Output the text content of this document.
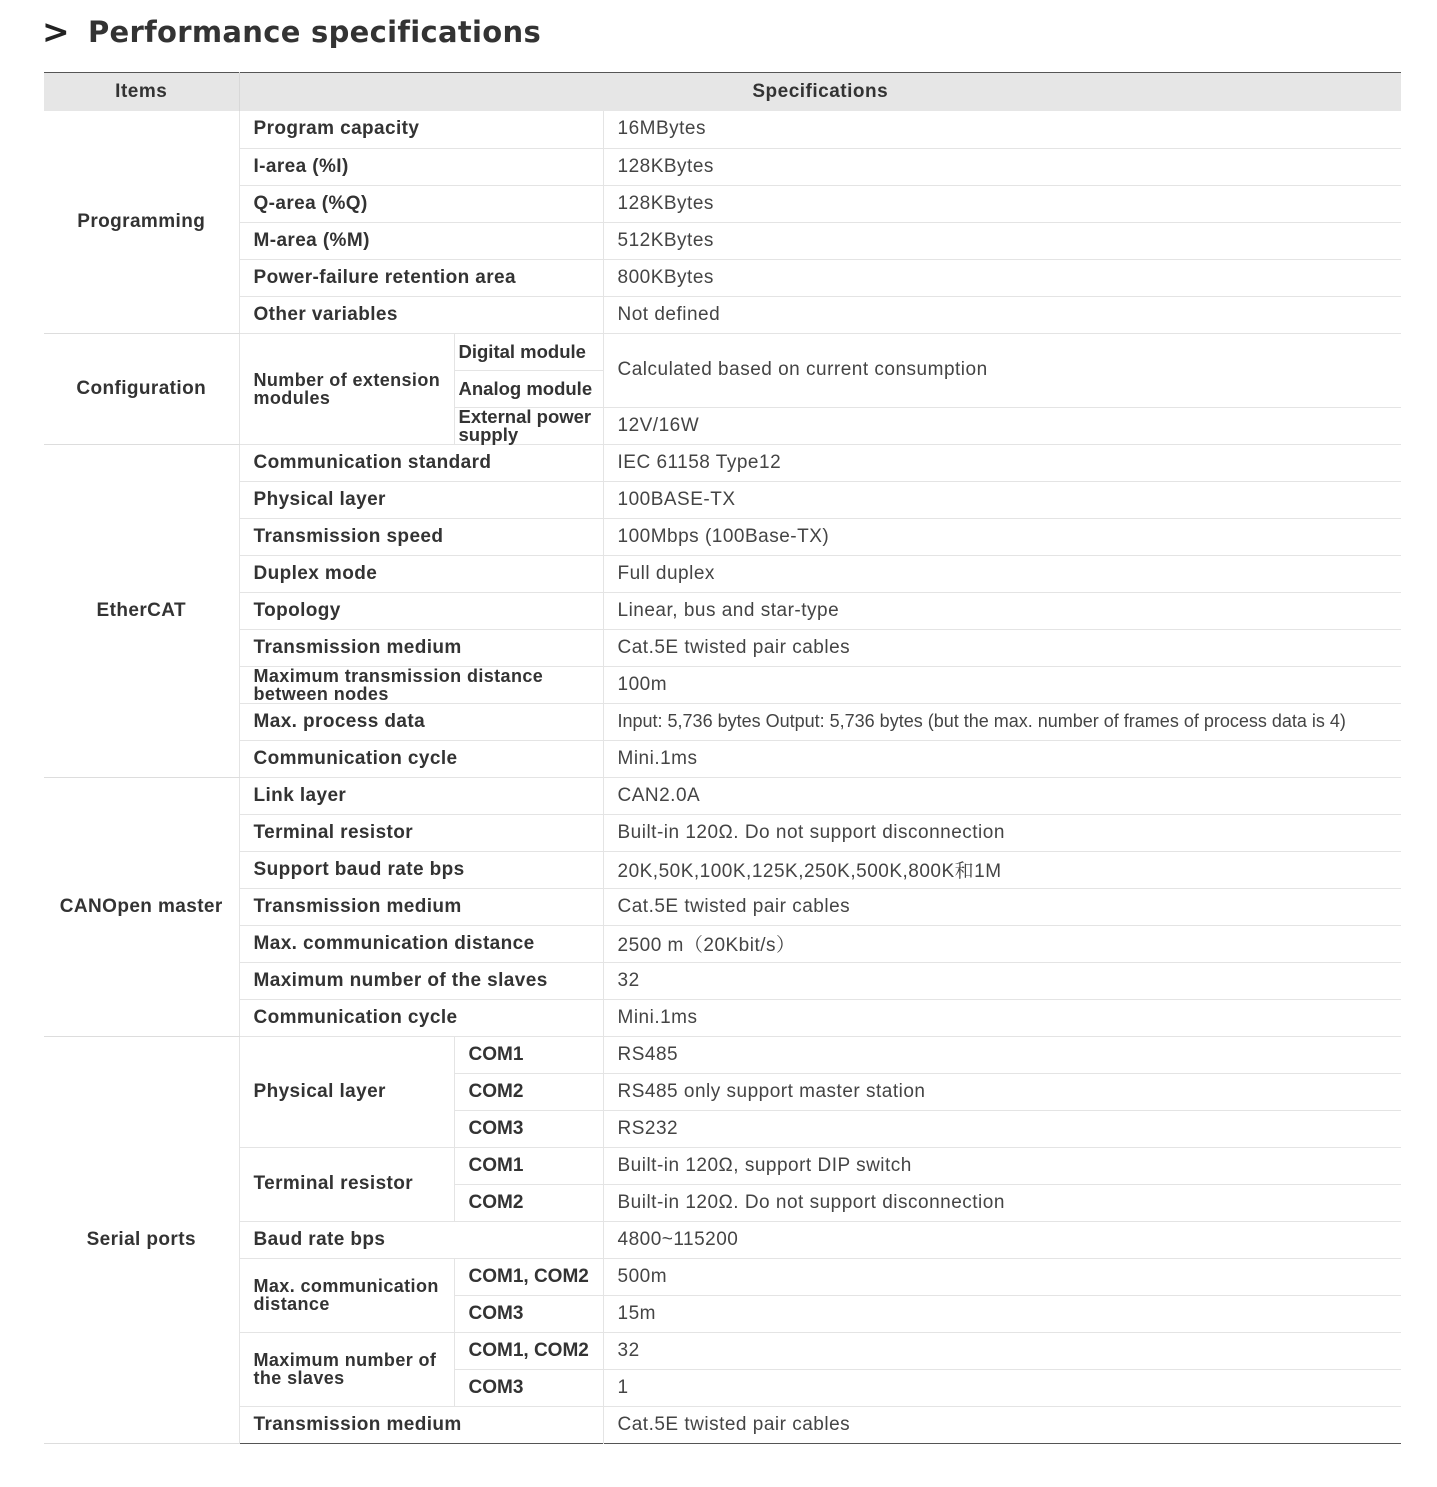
> Performance specifications
Items	Specifications		
Programming	Program capacity		16MBytes
	I-area (%I)		128KBytes
	Q-area (%Q)		128KBytes
	M-area (%M)		512KBytes
	Power-failure retention area		800KBytes
	Other variables		Not defined
Configuration	Number of extension modules	Digital module	Calculated based on current consumption
		Analog module	
		External power supply	12V/16W
EtherCAT	Communication standard		IEC 61158 Type12
	Physical layer		100BASE-TX
	Transmission speed		100Mbps (100Base-TX)
	Duplex mode		Full duplex
	Topology		Linear, bus and star-type
	Transmission medium		Cat.5E twisted pair cables
	Maximum transmission distance between nodes		100m
	Max. process data		Input: 5,736 bytes Output: 5,736 bytes (but the max. number of frames of process data is 4)
	Communication cycle		Mini.1ms
CANOpen master	Link layer		CAN2.0A
	Terminal resistor		Built-in 120Ω. Do not support disconnection
	Support baud rate bps		20K,50K,100K,125K,250K,500K,800K和1M
	Transmission medium		Cat.5E twisted pair cables
	Max. communication distance		2500 m（20Kbit/s）
	Maximum number of the slaves		32
	Communication cycle		Mini.1ms
Serial ports	Physical layer	COM1	RS485
		COM2	RS485 only support master station
		COM3	RS232
	Terminal resistor	COM1	Built-in 120Ω, support DIP switch
		COM2	Built-in 120Ω. Do not support disconnection
	Baud rate bps		4800~115200
	Max. communication distance	COM1, COM2	500m
		COM3	15m
	Maximum number of the slaves	COM1, COM2	32
		COM3	1
	Transmission medium		Cat.5E twisted pair cables
